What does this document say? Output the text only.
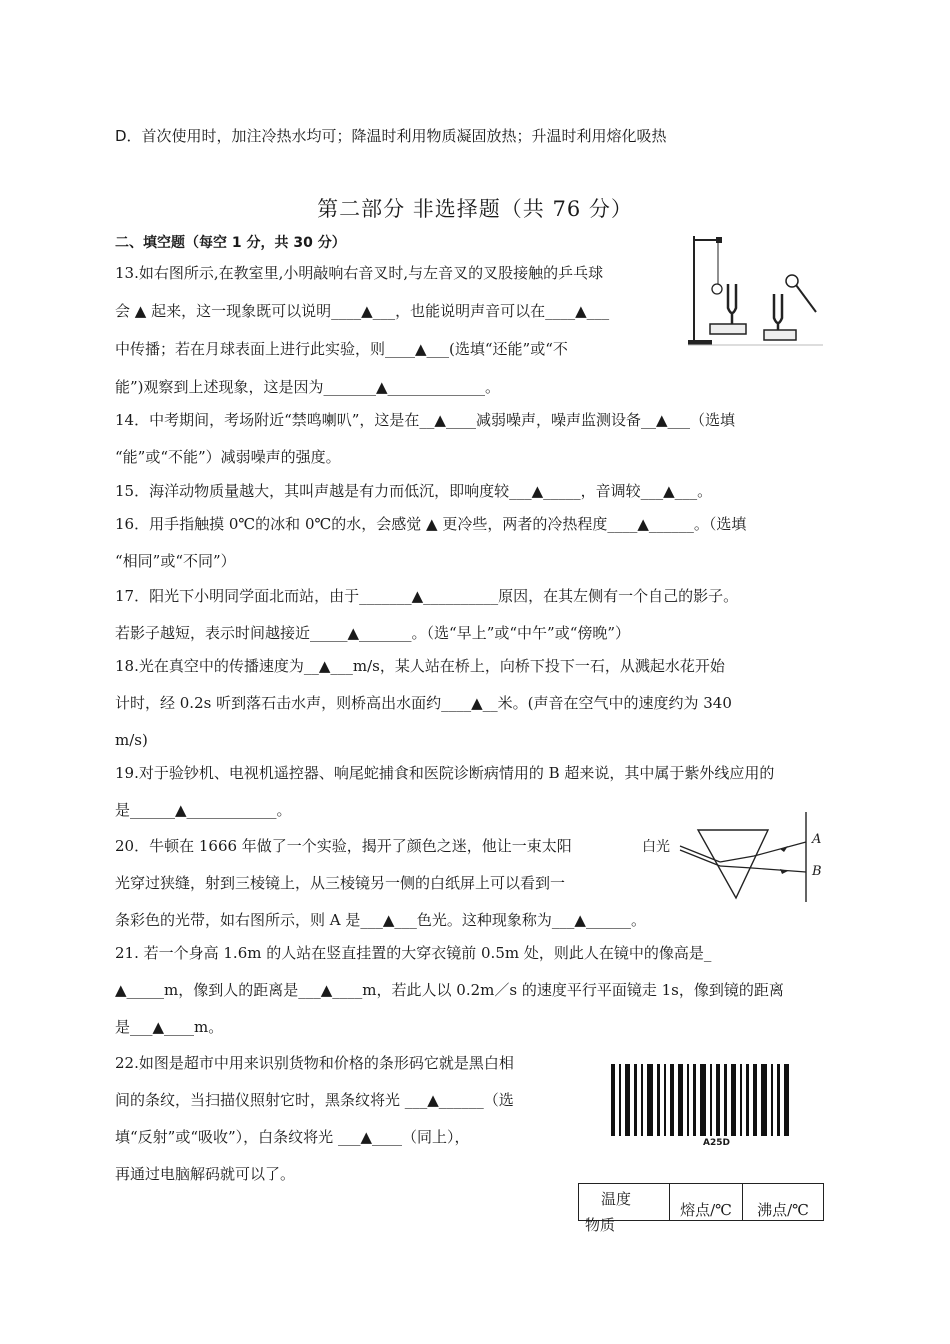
D．首次使用时，加注冷热水均可；降温时利用物质凝固放热；升温时利用熔化吸热
第二部分 非选择题（共 76 分）
二、填空题（每空 1 分，共 30 分）
13.如右图所示,在教室里,小明敲响右音叉时,与左音叉的叉股接触的乒乓球
会 ▲ 起来，这一现象既可以说明____▲___，也能说明声音可以在____▲___
中传播；若在月球表面上进行此实验，则____▲___(选填“还能”或“不
能”)观察到上述现象，这是因为_______▲_____________。
14．中考期间，考场附近“禁鸣喇叭”，这是在__▲____减弱噪声，噪声监测设备__▲___（选填
“能”或“不能”）减弱噪声的强度。
15．海洋动物质量越大，其叫声越是有力而低沉，即响度较___▲_____，音调较___▲___。
16．用手指触摸 0℃的冰和 0℃的水，会感觉 ▲ 更冷些，两者的冷热程度____▲______。（选填
“相同”或“不同”）
17．阳光下小明同学面北而站，由于_______▲__________原因，在其左侧有一个自己的影子。
若影子越短，表示时间越接近_____▲_______。（选“早上”或“中午”或“傍晚”）
18.光在真空中的传播速度为__▲___m/s，某人站在桥上，向桥下投下一石，从溅起水花开始
计时，经 0.2s 听到落石击水声，则桥高出水面约____▲__米。(声音在空气中的速度约为 340
m/s)
19.对于验钞机、电视机遥控器、响尾蛇捕食和医院诊断病情用的 B 超来说，其中属于紫外线应用的
是______▲____________。
20．牛顿在 1666 年做了一个实验，揭开了颜色之迷，他让一束太阳
光穿过狭缝，射到三棱镜上，从三棱镜另一侧的白纸屏上可以看到一
条彩色的光带，如右图所示，则 A 是___▲___色光。这种现象称为___▲______。
21. 若一个身高 1.6m 的人站在竖直挂置的大穿衣镜前 0.5m 处，则此人在镜中的像高是_
▲_____m，像到人的距离是___▲____m，若此人以 0.2m／s 的速度平行平面镜走 1s，像到镜的距离
是___▲____m。
22.如图是超市中用来识别货物和价格的条形码它就是黑白相
间的条纹，当扫描仪照射它时，黑条纹将光 ___▲______（选
填“反射”或“吸收”），白条纹将光 ___▲____（同上），
再通过电脑解码就可以了。
白光	A
B
A25D
温度
物质
	熔点/℃	沸点/℃
